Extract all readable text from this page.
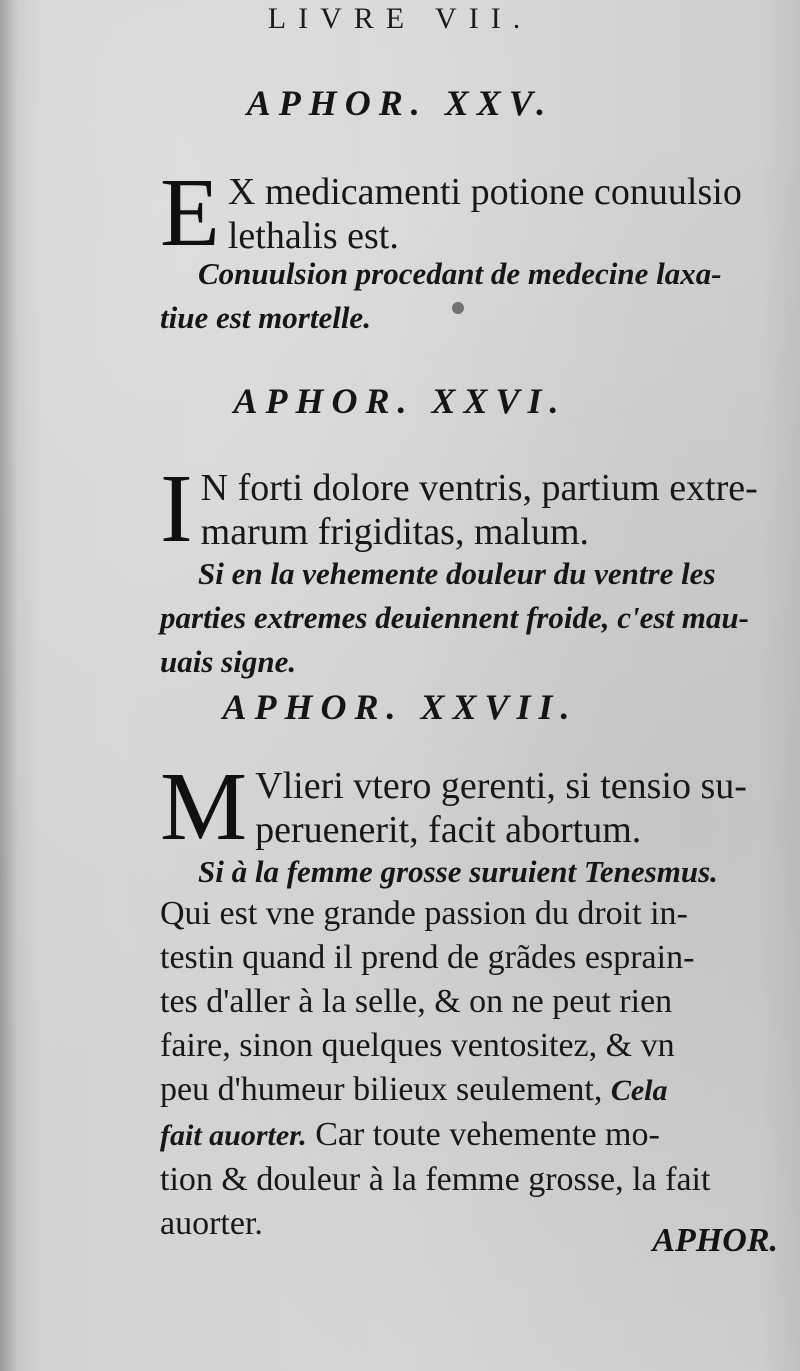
LIVRE VII.
APHOR. XXV.
E X medicamenti potione conuulsio
lethalis est.
Conuulsion procedant de medecine laxa-
tiue est mortelle.
APHOR. XXVI.
I N forti dolore ventris, partium extre-
marum frigiditas, malum.
Si en la vehemente douleur du ventre les
parties extremes deuiennent froide, c'est mau-
uais signe.
APHOR. XXVII.
M Vlieri vtero gerenti, si tensio su-
peruenerit, facit abortum.
Si à la femme grosse suruient Tenesmus.
Qui est vne grande passion du droit in-
testin quand il prend de grãdes esprain-
tes d'aller à la selle, & on ne peut rien
faire, sinon quelques ventositez, & vn
peu d'humeur bilieux seulement, Cela
fait auorter. Car toute vehemente mo-
tion & douleur à la femme grosse, la fait
auorter.	APHOR.
